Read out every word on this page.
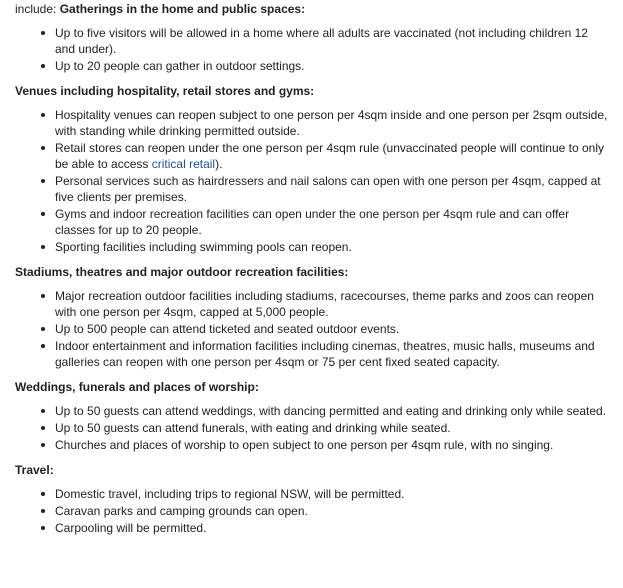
include: Gatherings in the home and public spaces:

Up to five visitors will be allowed in a home where all adults are vaccinated (not including children 12 and under).
Up to 20 people can gather in outdoor settings.

Venues including hospitality, retail stores and gyms:

Hospitality venues can reopen subject to one person per 4sqm inside and one person per 2sqm outside, with standing while drinking permitted outside.
Retail stores can reopen under the one person per 4sqm rule (unvaccinated people will continue to only be able to access critical retail).
Personal services such as hairdressers and nail salons can open with one person per 4sqm, capped at five clients per premises.
Gyms and indoor recreation facilities can open under the one person per 4sqm rule and can offer classes for up to 20 people.
Sporting facilities including swimming pools can reopen.

Stadiums, theatres and major outdoor recreation facilities:

Major recreation outdoor facilities including stadiums, racecourses, theme parks and zoos can reopen with one person per 4sqm, capped at 5,000 people.
Up to 500 people can attend ticketed and seated outdoor events.
Indoor entertainment and information facilities including cinemas, theatres, music halls, museums and galleries can reopen with one person per 4sqm or 75 per cent fixed seated capacity.

Weddings, funerals and places of worship:

Up to 50 guests can attend weddings, with dancing permitted and eating and drinking only while seated.
Up to 50 guests can attend funerals, with eating and drinking while seated.
Churches and places of worship to open subject to one person per 4sqm rule, with no singing.

Travel:

Domestic travel, including trips to regional NSW, will be permitted.
Caravan parks and camping grounds can open.
Carpooling will be permitted.
